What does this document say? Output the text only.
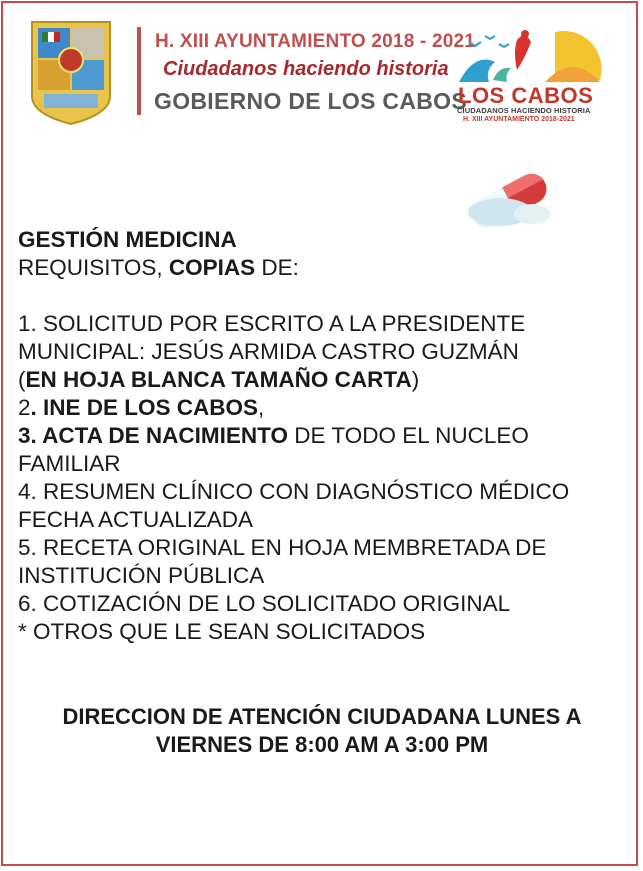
H. XIII AYUNTAMIENTO 2018 - 2021
Ciudadanos haciendo historia
GOBIERNO DE LOS CABOS
LOS CABOS
CIUDADANOS HACIENDO HISTORIA
H. XIII AYUNTAMIENTO 2018-2021

GESTIÓN MEDICINA

REQUISITOS, COPIAS DE:

1. SOLICITUD POR ESCRITO A LA PRESIDENTE MUNICIPAL: JESÚS ARMIDA CASTRO GUZMÁN
(EN HOJA BLANCA TAMAÑO CARTA)

2. INE DE LOS CABOS,

3. ACTA DE NACIMIENTO DE TODO EL NUCLEO FAMILIAR

4. RESUMEN CLÍNICO CON DIAGNÓSTICO MÉDICO FECHA ACTUALIZADA

5. RECETA ORIGINAL EN HOJA MEMBRETADA DE INSTITUCIÓN PÚBLICA

6. COTIZACIÓN DE LO SOLICITADO ORIGINAL

* OTROS QUE LE SEAN SOLICITADOS

DIRECCION DE ATENCIÓN CIUDADANA LUNES A VIERNES DE 8:00 AM A 3:00 PM
